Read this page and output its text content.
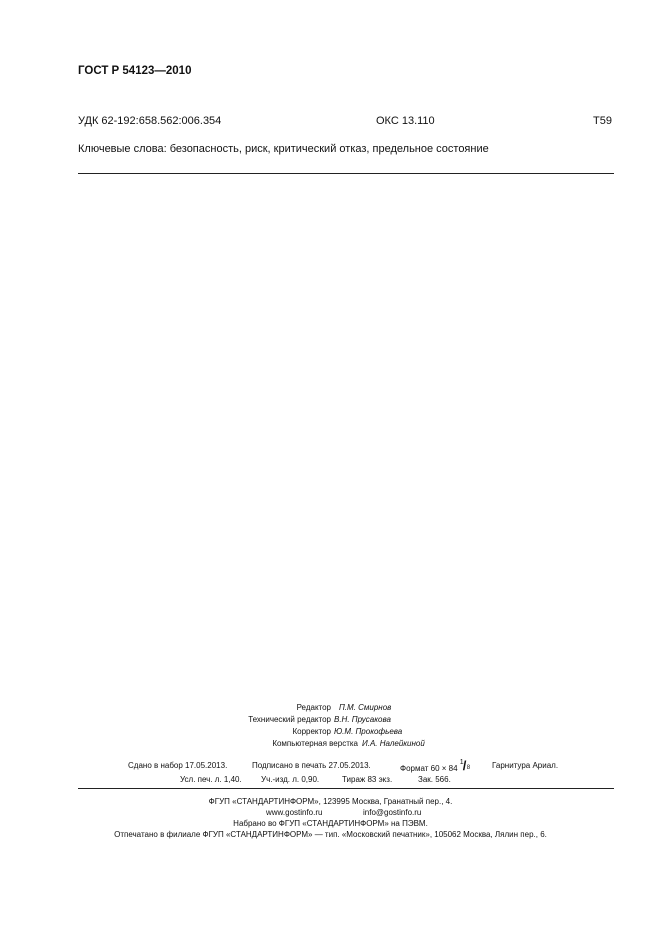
ГОСТ Р 54123—2010
УДК 62-192:658.562:006.354	ОКС 13.110	Т59
Ключевые слова: безопасность, риск, критический отказ, предельное состояние
Редактор П.М. Смирнов
Технический редактор В.Н. Прусакова
Корректор Ю.М. Прокофьева
Компьютерная верстка И.А. Налейкиной
Сдано в набор 17.05.2013.	Подписано в печать 27.05.2013.	Формат 60 × 84
1 / 8	Гарнитура Ариал.
Усл. печ. л. 1,40. Уч.-изд. л. 0,90.	Тираж 83 экз.	Зак. 566.
ФГУП «СТАНДАРТИНФОРМ», 123995 Москва, Гранатный пер., 4.
www.gostinfo.ru	info@gostinfo.ru
Набрано во ФГУП «СТАНДАРТИНФОРМ» на ПЭВМ.
Отпечатано в филиале ФГУП «СТАНДАРТИНФОРМ» — тип. «Московский печатник», 105062 Москва, Лялин пер., 6.
